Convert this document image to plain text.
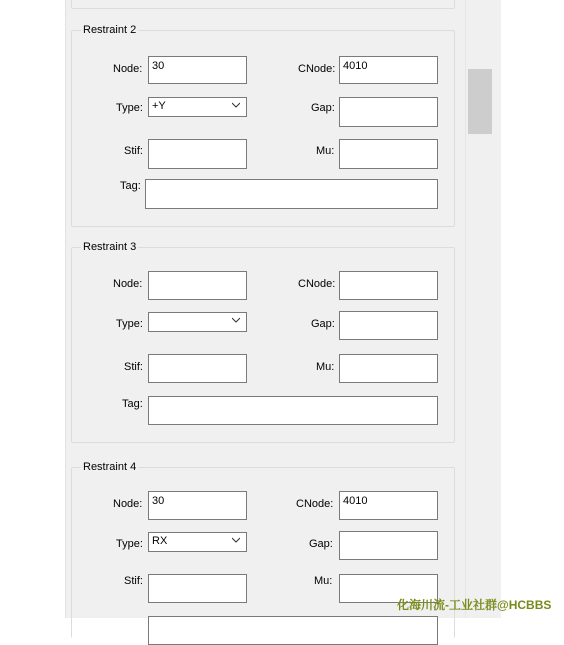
Restraint 2
Node: 30	CNode: 4010
Type: +Y	Gap:
Stif:	Mu:
Tag:
Restraint 3
Node:	CNode:
Type:	Gap:
Stif:	Mu:
Tag:
Restraint 4
Node: 30	CNode: 4010
Type: RX	Gap:
Stif:	Mu:
化海川流-工业社群@HCBBS
